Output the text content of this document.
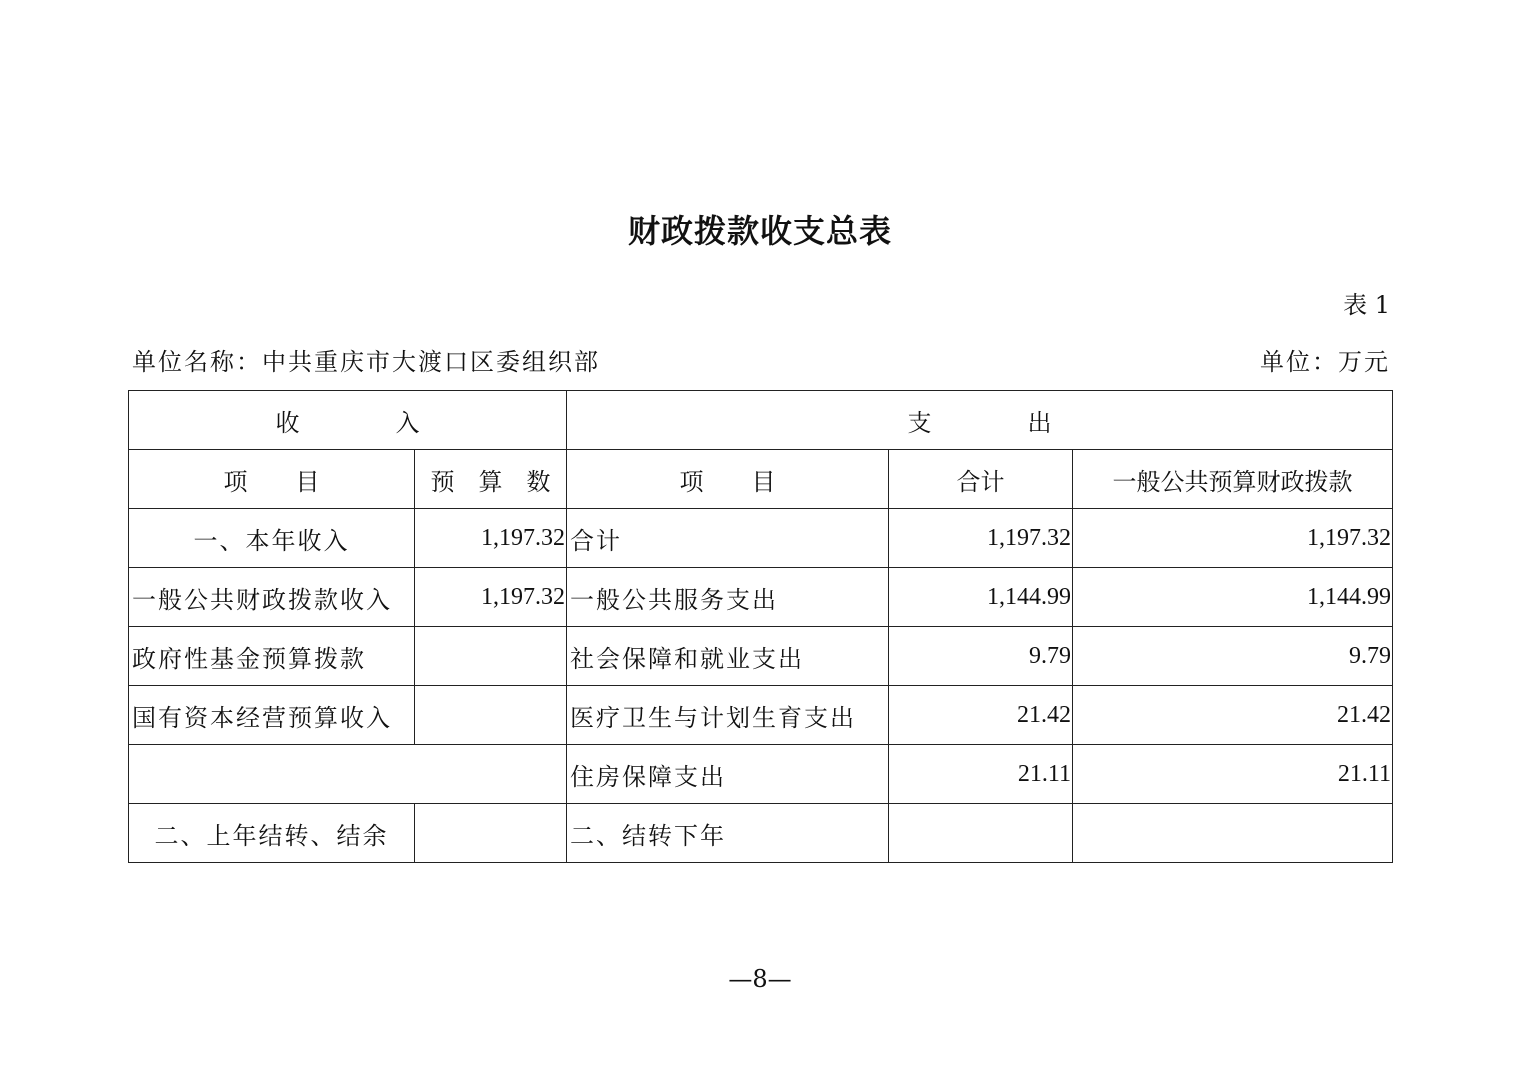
财政拨款收支总表
表 1
单位名称：中共重庆市大渡口区委组织部	单位：万元
收　　　　入		支　　　　出		
项　　目	预　算　数	项　　目	合计	一般公共预算财政拨款
一、本年收入	1,197.32	合计	1,197.32	1,197.32
一般公共财政拨款收入	1,197.32	一般公共服务支出	1,144.99	1,144.99
政府性基金预算拨款		社会保障和就业支出	9.79	9.79
国有资本经营预算收入		医疗卫生与计划生育支出	21.42	21.42
		住房保障支出	21.11	21.11
二、上年结转、结余		二、结转下年		
—8—
